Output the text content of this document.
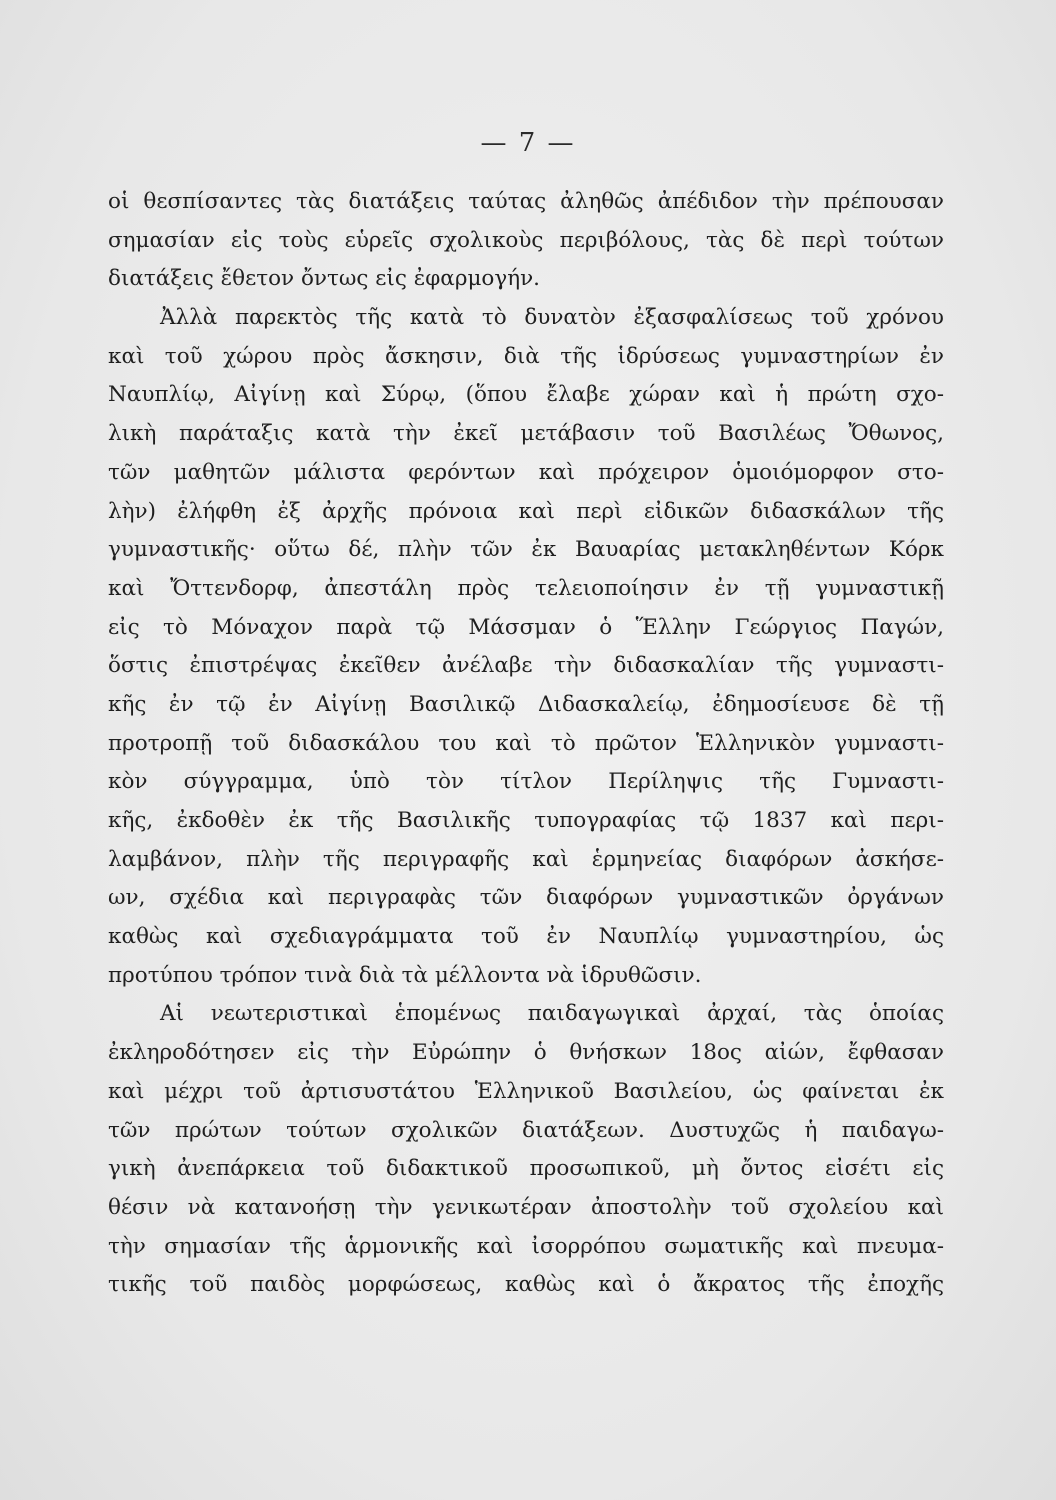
— 7 —
οἱ θεσπίσαντες τὰς διατάξεις ταύτας ἀληθῶς ἀπέδιδον τὴν πρέπουσαν
σημασίαν εἰς τοὺς εὑρεῖς σχολικοὺς περιβόλους, τὰς δὲ περὶ τούτων
διατάξεις ἔθετον ὄντως εἰς ἐφαρμογήν.
Ἀλλὰ παρεκτὸς τῆς κατὰ τὸ δυνατὸν ἐξασφαλίσεως τοῦ χρόνου
καὶ τοῦ χώρου πρὸς ἄσκησιν, διὰ τῆς ἱδρύσεως γυμναστηρίων ἐν
Ναυπλίῳ, Αἰγίνῃ καὶ Σύρῳ, (ὅπου ἔλαβε χώραν καὶ ἡ πρώτη σχο-
λικὴ παράταξις κατὰ τὴν ἐκεῖ μετάβασιν τοῦ Βασιλέως Ὄθωνος,
τῶν μαθητῶν μάλιστα φερόντων καὶ πρόχειρον ὁμοιόμορφον στο-
λὴν) ἐλήφθη ἐξ ἀρχῆς πρόνοια καὶ περὶ εἰδικῶν διδασκάλων τῆς
γυμναστικῆς· οὕτω δέ, πλὴν τῶν ἐκ Βαυαρίας μετακληθέντων Κόρκ
καὶ Ὄττενδορφ, ἀπεστάλη πρὸς τελειοποίησιν ἐν τῇ γυμναστικῇ
εἰς τὸ Μόναχον παρὰ τῷ Μάσσμαν ὁ Ἕλλην Γεώργιος Παγών,
ὅστις ἐπιστρέψας ἐκεῖθεν ἀνέλαβε τὴν διδασκαλίαν τῆς γυμναστι-
κῆς ἐν τῷ ἐν Αἰγίνῃ Βασιλικῷ Διδασκαλείῳ, ἐδημοσίευσε δὲ τῇ
προτροπῇ τοῦ διδασκάλου του καὶ τὸ πρῶτον Ἑλληνικὸν γυμναστι-
κὸν σύγγραμμα, ὑπὸ τὸν τίτλον Περίληψις τῆς Γυμναστι-
κῆς, ἐκδοθὲν ἐκ τῆς Βασιλικῆς τυπογραφίας τῷ 1837 καὶ περι-
λαμβάνον, πλὴν τῆς περιγραφῆς καὶ ἑρμηνείας διαφόρων ἀσκήσε-
ων, σχέδια καὶ περιγραφὰς τῶν διαφόρων γυμναστικῶν ὀργάνων
καθὼς καὶ σχεδιαγράμματα τοῦ ἐν Ναυπλίῳ γυμναστηρίου, ὡς
προτύπου τρόπον τινὰ διὰ τὰ μέλλοντα νὰ ἱδρυθῶσιν.
Αἱ νεωτεριστικαὶ ἑπομένως παιδαγωγικαὶ ἀρχαί, τὰς ὁποίας
ἐκληροδότησεν εἰς τὴν Εὐρώπην ὁ θνήσκων 18ος αἰών, ἔφθασαν
καὶ μέχρι τοῦ ἀρτισυστάτου Ἑλληνικοῦ Βασιλείου, ὡς φαίνεται ἐκ
τῶν πρώτων τούτων σχολικῶν διατάξεων. Δυστυχῶς ἡ παιδαγω-
γικὴ ἀνεπάρκεια τοῦ διδακτικοῦ προσωπικοῦ, μὴ ὄντος εἰσέτι εἰς
θέσιν νὰ κατανοήσῃ τὴν γενικωτέραν ἀποστολὴν τοῦ σχολείου καὶ
τὴν σημασίαν τῆς ἁρμονικῆς καὶ ἰσορρόπου σωματικῆς καὶ πνευμα-
τικῆς τοῦ παιδὸς μορφώσεως, καθὼς καὶ ὁ ἄκρατος τῆς ἐποχῆς
